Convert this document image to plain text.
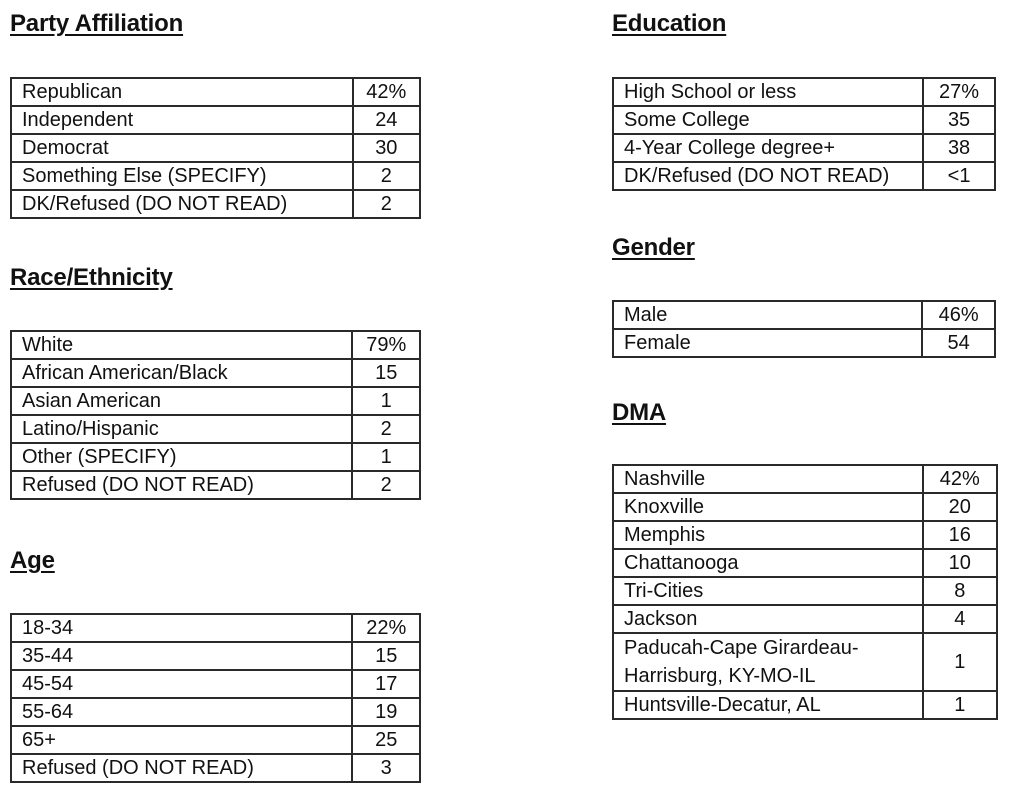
Party Affiliation
Republican	42%
Independent	24
Democrat	30
Something Else (SPECIFY)	2
DK/Refused (DO NOT READ)	2
Race/Ethnicity
White	79%
African American/Black	15
Asian American	1
Latino/Hispanic	2
Other (SPECIFY)	1
Refused (DO NOT READ)	2
Age
18-34	22%
35-44	15
45-54	17
55-64	19
65+	25
Refused (DO NOT READ)	3
Education
High School or less	27%
Some College	35
4-Year College degree+	38
DK/Refused (DO NOT READ)	<1
Gender
Male	46%
Female	54
DMA
Nashville	42%
Knoxville	20
Memphis	16
Chattanooga	10
Tri-Cities	8
Jackson	4
Paducah-Cape Girardeau-Harrisburg, KY-MO-IL	1
Huntsville-Decatur, AL	1
